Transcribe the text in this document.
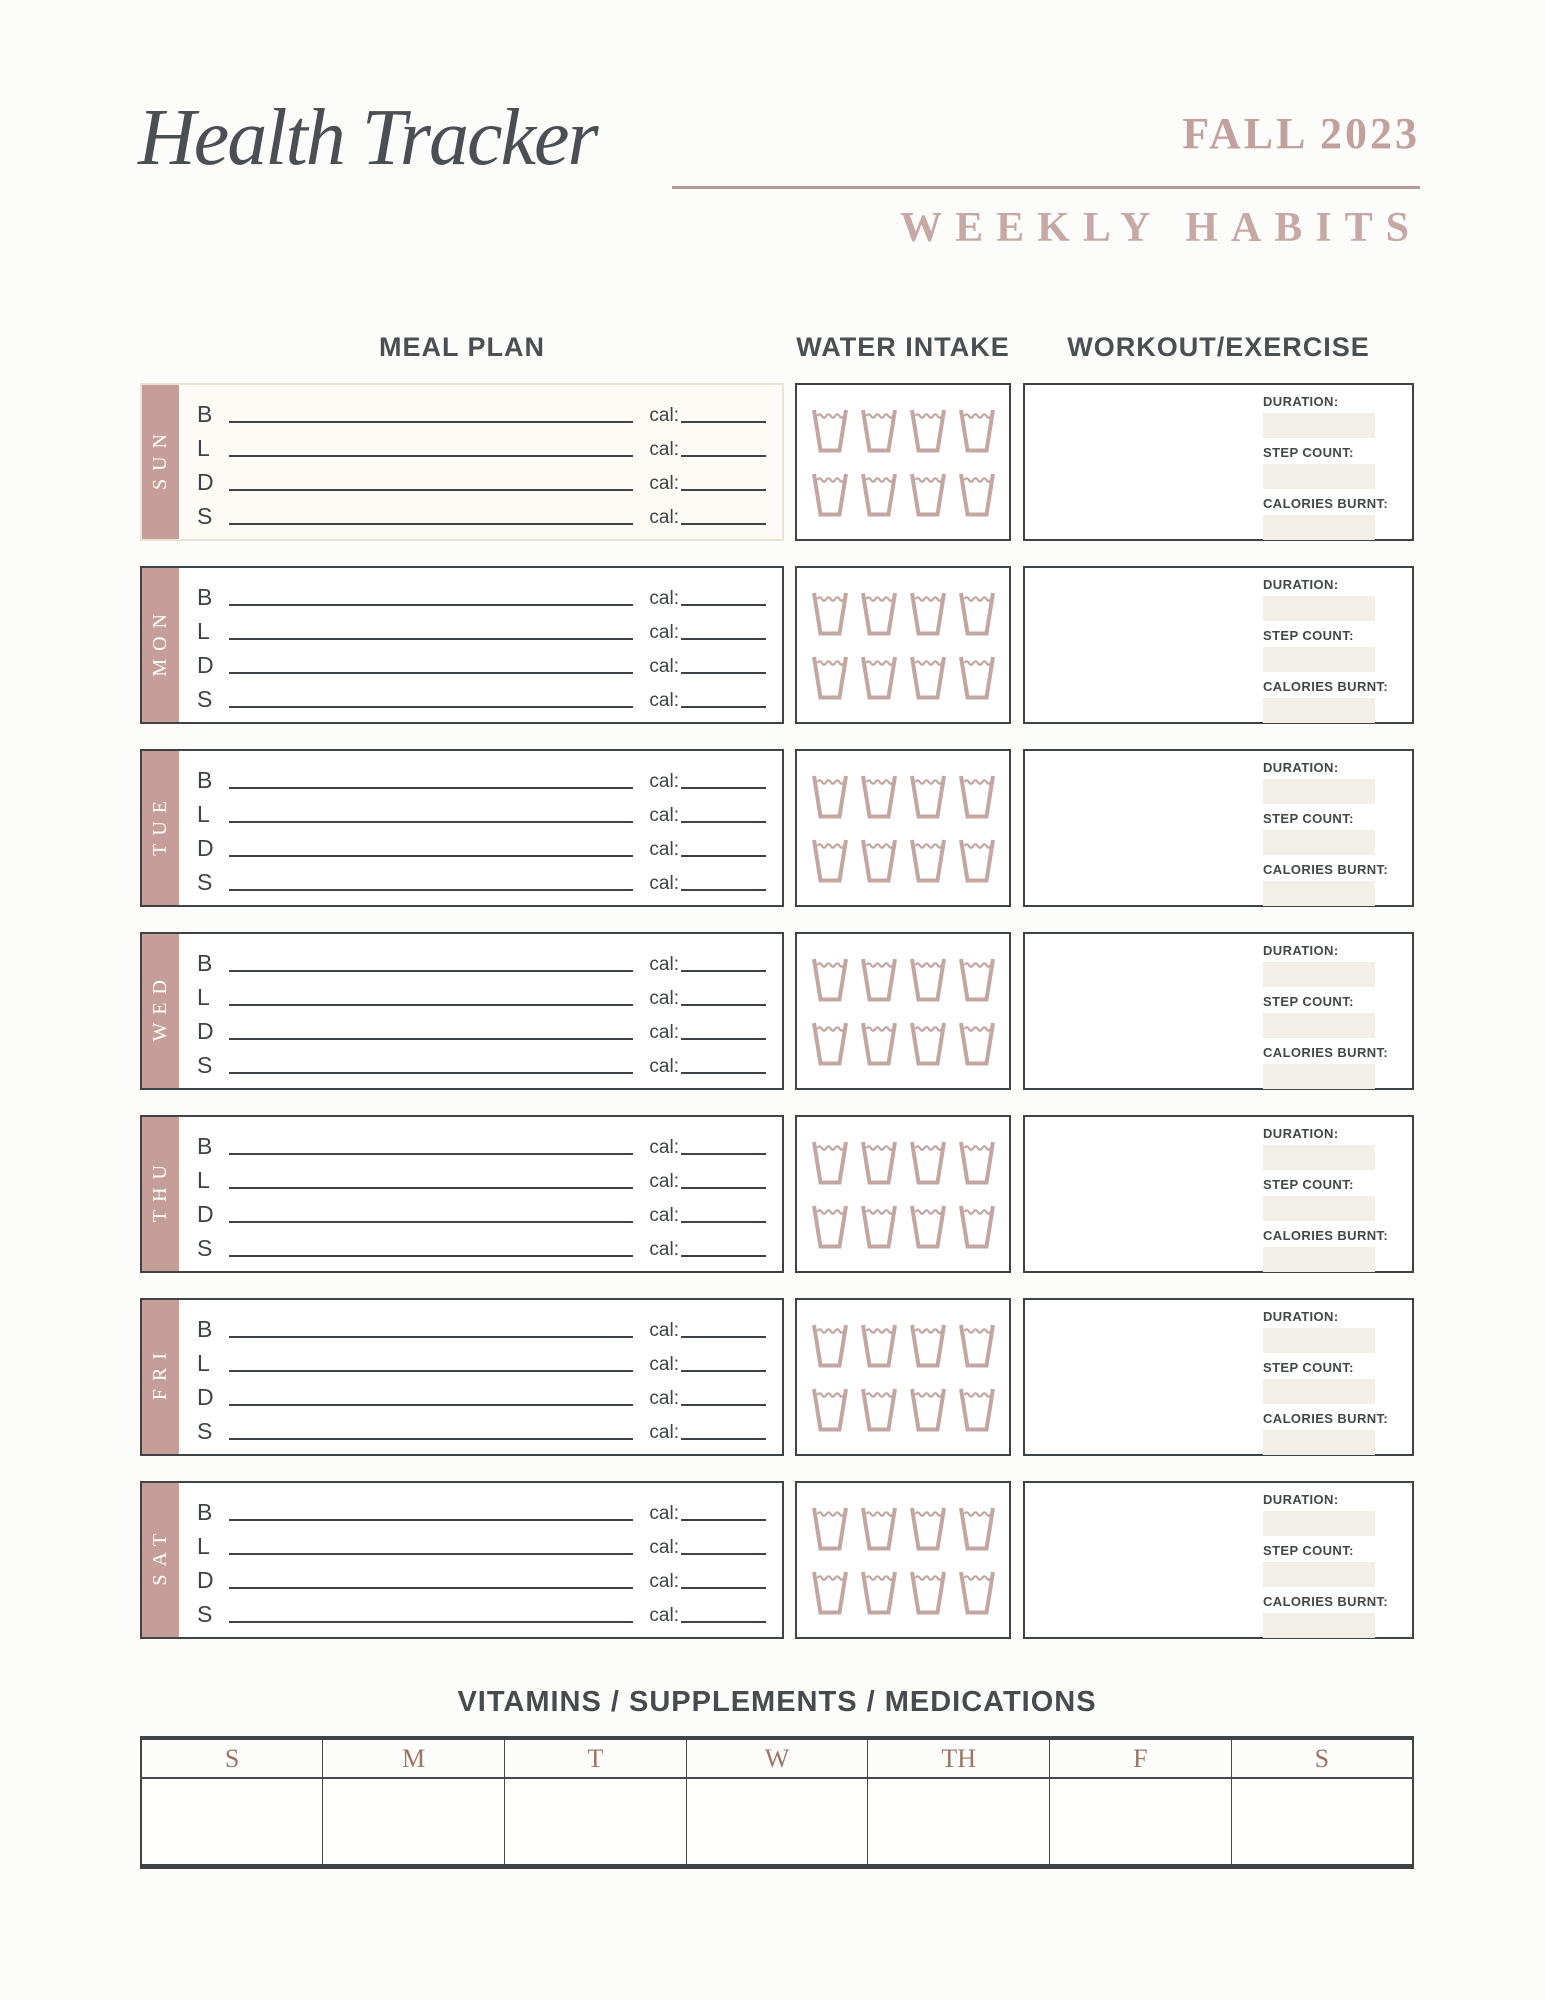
Health Tracker	FALL 2023
WEEKLY HABITS
MEAL PLAN	WATER INTAKE	WORKOUT/EXERCISE
SUN
B	cal:
L	cal:
D	cal:
S	cal:
DURATION:
STEP COUNT:
CALORIES BURNT:
MON
B	cal:
L	cal:
D	cal:
S	cal:
DURATION:
STEP COUNT:
CALORIES BURNT:
TUE
B	cal:
L	cal:
D	cal:
S	cal:
DURATION:
STEP COUNT:
CALORIES BURNT:
WED
B	cal:
L	cal:
D	cal:
S	cal:
DURATION:
STEP COUNT:
CALORIES BURNT:
THU
B	cal:
L	cal:
D	cal:
S	cal:
DURATION:
STEP COUNT:
CALORIES BURNT:
FRI
B	cal:
L	cal:
D	cal:
S	cal:
DURATION:
STEP COUNT:
CALORIES BURNT:
SAT
B	cal:
L	cal:
D	cal:
S	cal:
DURATION:
STEP COUNT:
CALORIES BURNT:
VITAMINS / SUPPLEMENTS / MEDICATIONS
S	M	T	W	TH	F	S
